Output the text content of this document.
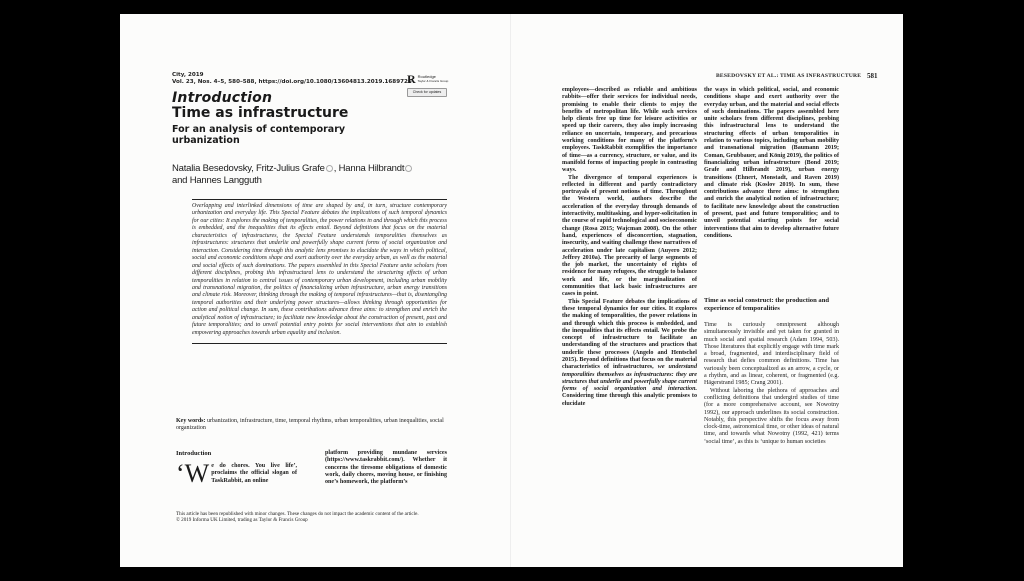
City, 2019
Vol. 23, Nos. 4–5, 580–588, https://doi.org/10.1080/13604813.2019.1689726
R Routledge
Taylor & Francis Group
Check for updates
Introduction
Time as infrastructure
For an analysis of contemporary urbanization
Natalia Besedovsky, Fritz-Julius Grafe , Hanna Hilbrandt
and Hannes Langguth
Overlapping and interlinked dimensions of time are shaped by and, in turn, structure contemporary urbanization and everyday life. This Special Feature debates the implications of such temporal dynamics for our cities: It explores the making of temporalities, the power relations in and through which this process is embedded, and the inequalities that its effects entail. Beyond definitions that focus on the material characteristics of infrastructures, the Special Feature understands temporalities themselves as infrastructures: structures that underlie and powerfully shape current forms of social organization and interaction. Considering time through this analytic lens promises to elucidate the ways in which political, social and economic conditions shape and exert authority over the everyday urban, as well as the material and social effects of such dominations. The papers assembled in this Special Feature unite scholars from different disciplines, probing this infrastructural lens to understand the structuring effects of urban temporalities in relation to central issues of contemporary urban development, including urban mobility and transnational migration, the politics of financializing urban infrastructure, urban energy transitions and climate risk. Moreover, thinking through the making of temporal infrastructures—that is, disentangling temporal authorities and their underlying power structures—allows thinking through opportunities for action and political change. In sum, these contributions advance three aims: to strengthen and enrich the analytical notion of infrastructure; to facilitate new knowledge about the construction of present, past and future temporalities; and to unveil potential entry points for social interventions that aim to establish empowering approaches towards urban equality and inclusion.
Key words: urbanization, infrastructure, time, temporal rhythms, urban temporalities, urban inequalities, social organization
Introduction
‘We do chores. You live life’, proclaims the official slogan of TaskRabbit, an online
platform providing mundane services (https://www.taskrabbit.com/). Whether it concerns the tiresome obligations of domestic work, daily chores, moving house, or finishing one’s homework, the platform’s
This article has been republished with minor changes. These changes do not impact the academic content of the article.
© 2019 Informa UK Limited, trading as Taylor & Francis Group
BESEDOVSKY ET AL.: TIME AS INFRASTRUCTURE 581
employees—described as reliable and ambitious rabbits—offer their services for individual needs, promising to enable their clients to enjoy the benefits of metropolitan life. While such services help clients free up time for leisure activities or speed up their careers, they also imply increasing reliance on uncertain, temporary, and precarious working conditions for many of the platform’s employees. TaskRabbit exemplifies the importance of time—as a currency, structure, or value, and its manifold forms of impacting people in contrasting ways.
The divergence of temporal experiences is reflected in different and partly contradictory portrayals of present notions of time. Throughout the Western world, authors describe the acceleration of the everyday through demands of interactivity, multitasking, and hyper-solicitation in the course of rapid technological and socioeconomic change (Rosa 2015; Wajcman 2008). On the other hand, experiences of disconcertion, stagnation, insecurity, and waiting challenge these narratives of acceleration under late capitalism (Auyero 2012; Jeffrey 2010a). The precarity of large segments of the job market, the uncertainty of rights of residence for many refugees, the struggle to balance work and life, or the marginalization of communities that lack basic infrastructures are cases in point.
This Special Feature debates the implications of these temporal dynamics for our cities. It explores the making of temporalities, the power relations in and through which this process is embedded, and the inequalities that its effects entail. We probe the concept of infrastructure to facilitate an understanding of the structures and practices that underlie these processes (Angelo and Hentschel 2015). Beyond definitions that focus on the material characteristics of infrastructures, we understand temporalities themselves as infrastructures: they are structures that underlie and powerfully shape current forms of social organization and interaction. Considering time through this analytic promises to elucidate
the ways in which political, social, and economic conditions shape and exert authority over the everyday urban, and the material and social effects of such dominations. The papers assembled here unite scholars from different disciplines, probing this infrastructural lens to understand the structuring effects of urban temporalities in relation to various topics, including urban mobility and transnational migration (Baumann 2019; Coman, Grubbauer, and König 2019), the politics of financializing urban infrastructure (Bond 2019; Grafe and Hilbrandt 2019), urban energy transitions (Ehnert, Monstadt, and Raven 2019) and climate risk (Koslov 2019). In sum, these contributions advance three aims: to strengthen and enrich the analytical notion of infrastructure; to facilitate new knowledge about the construction of present, past and future temporalities; and to unveil potential starting points for social interventions that aim to develop alternative future conditions.
Time as social construct: the production and experience of temporalities
Time is curiously omnipresent although simultaneously invisible and yet taken for granted in much social and spatial research (Adam 1994, 503). Those literatures that explicitly engage with time mark a broad, fragmented, and interdisciplinary field of research that defies common definitions. Time has variously been conceptualized as an arrow, a cycle, or a rhythm, and as linear, coherent, or fragmented (e.g. Hägerstrand 1985; Crang 2001).
Without laboring the plethora of approaches and conflicting definitions that undergird studies of time (for a more comprehensive account, see Nowotny 1992), our approach underlines its social construction. Notably, this perspective shifts the focus away from clock-time, astronomical time, or other ideas of natural time, and towards what Nowotny (1992, 421) terms ‘social time’, as this is ‘unique to human societies
